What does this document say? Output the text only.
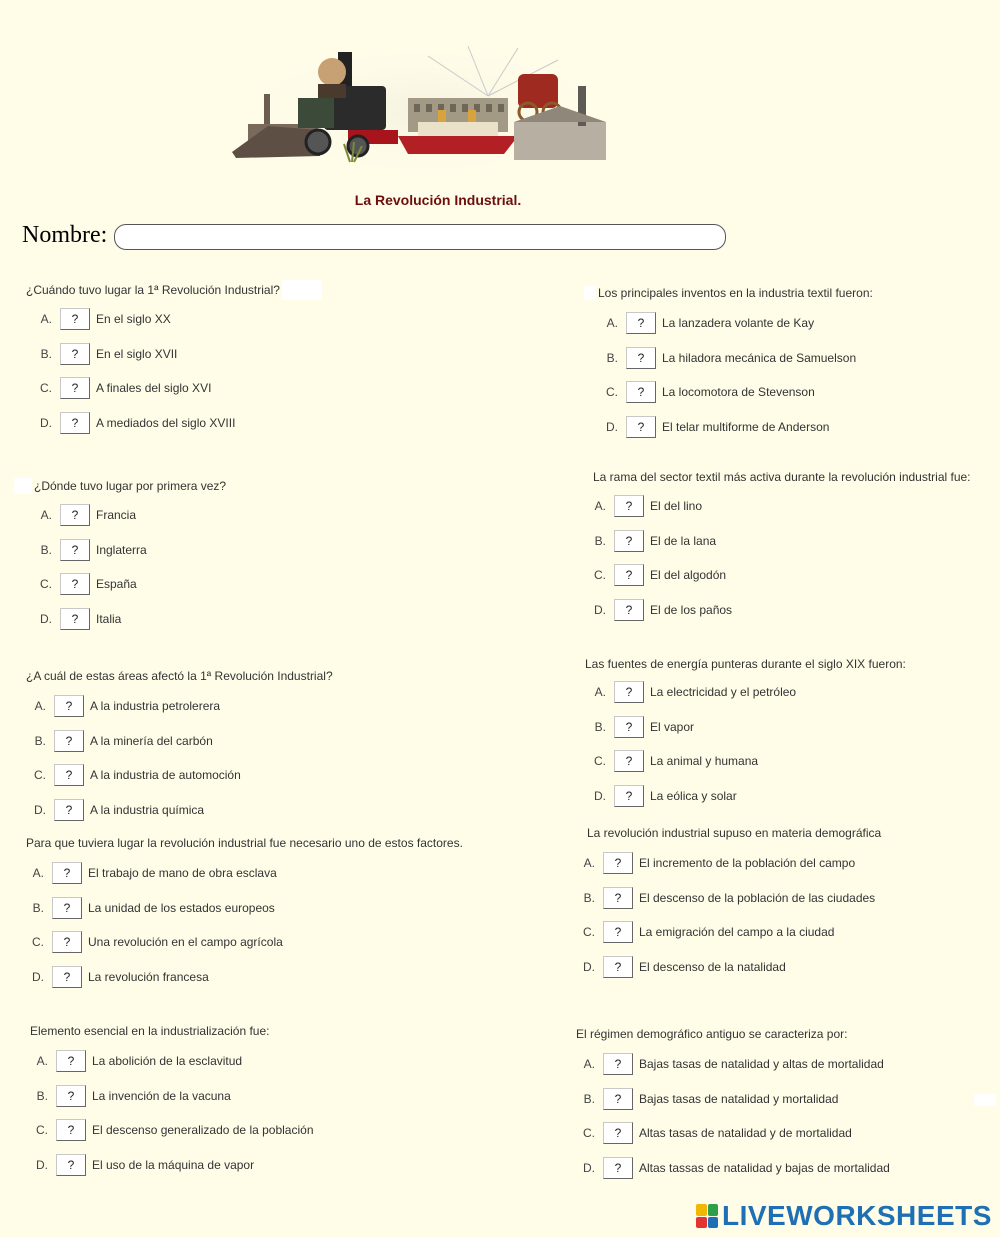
La Revolución Industrial.
Nombre:
¿Cuándo tuvo lugar la 1ª Revolución Industrial?
A.	?	En el siglo XX
B.	?	En el siglo XVII
C.	?	A finales del siglo XVI
D.	?	A mediados del siglo XVIII
¿Dónde tuvo lugar por primera vez?
A.	?	Francia
B.	?	Inglaterra
C.	?	España
D.	?	Italia
¿A cuál de estas áreas afectó la 1ª Revolución Industrial?
A.	?	A la industria petrolerera
B.	?	A la minería del carbón
C.	?	A la industria de automoción
D.	?	A la industria química
Para que tuviera lugar la revolución industrial fue necesario uno de estos factores.
A.	?	El trabajo de mano de obra esclava
B.	?	La unidad de los estados europeos
C.	?	Una revolución en el campo agrícola
D.	?	La revolución francesa
Elemento esencial en la industrialización fue:
A.	?	La abolición de la esclavitud
B.	?	La invención de la vacuna
C.	?	El descenso generalizado de la población
D.	?	El uso de la máquina de vapor
Los principales inventos en la industria textil fueron:
A.	?	La lanzadera volante de Kay
B.	?	La hiladora mecánica de Samuelson
C.	?	La locomotora de Stevenson
D.	?	El telar multiforme de Anderson
La rama del sector textil más activa durante la revolución industrial fue:
A.	?	El del lino
B.	?	El de la lana
C.	?	El del algodón
D.	?	El de los paños
Las fuentes de energía punteras durante el siglo XIX fueron:
A.	?	La electricidad y el petróleo
B.	?	El vapor
C.	?	La animal y humana
D.	?	La eólica y solar
La revolución industrial supuso en materia demográfica
A.	?	El incremento de la población del campo
B.	?	El descenso de la población de las ciudades
C.	?	La emigración del campo a la ciudad
D.	?	El descenso de la natalidad
El régimen demográfico antiguo se caracteriza por:
A.	?	Bajas tasas de natalidad y altas de mortalidad
B.	?	Bajas tasas de natalidad y mortalidad
C.	?	Altas tasas de natalidad y de mortalidad
D.	?	Altas tassas de natalidad y bajas de mortalidad
LIVEWORKSHEETS
